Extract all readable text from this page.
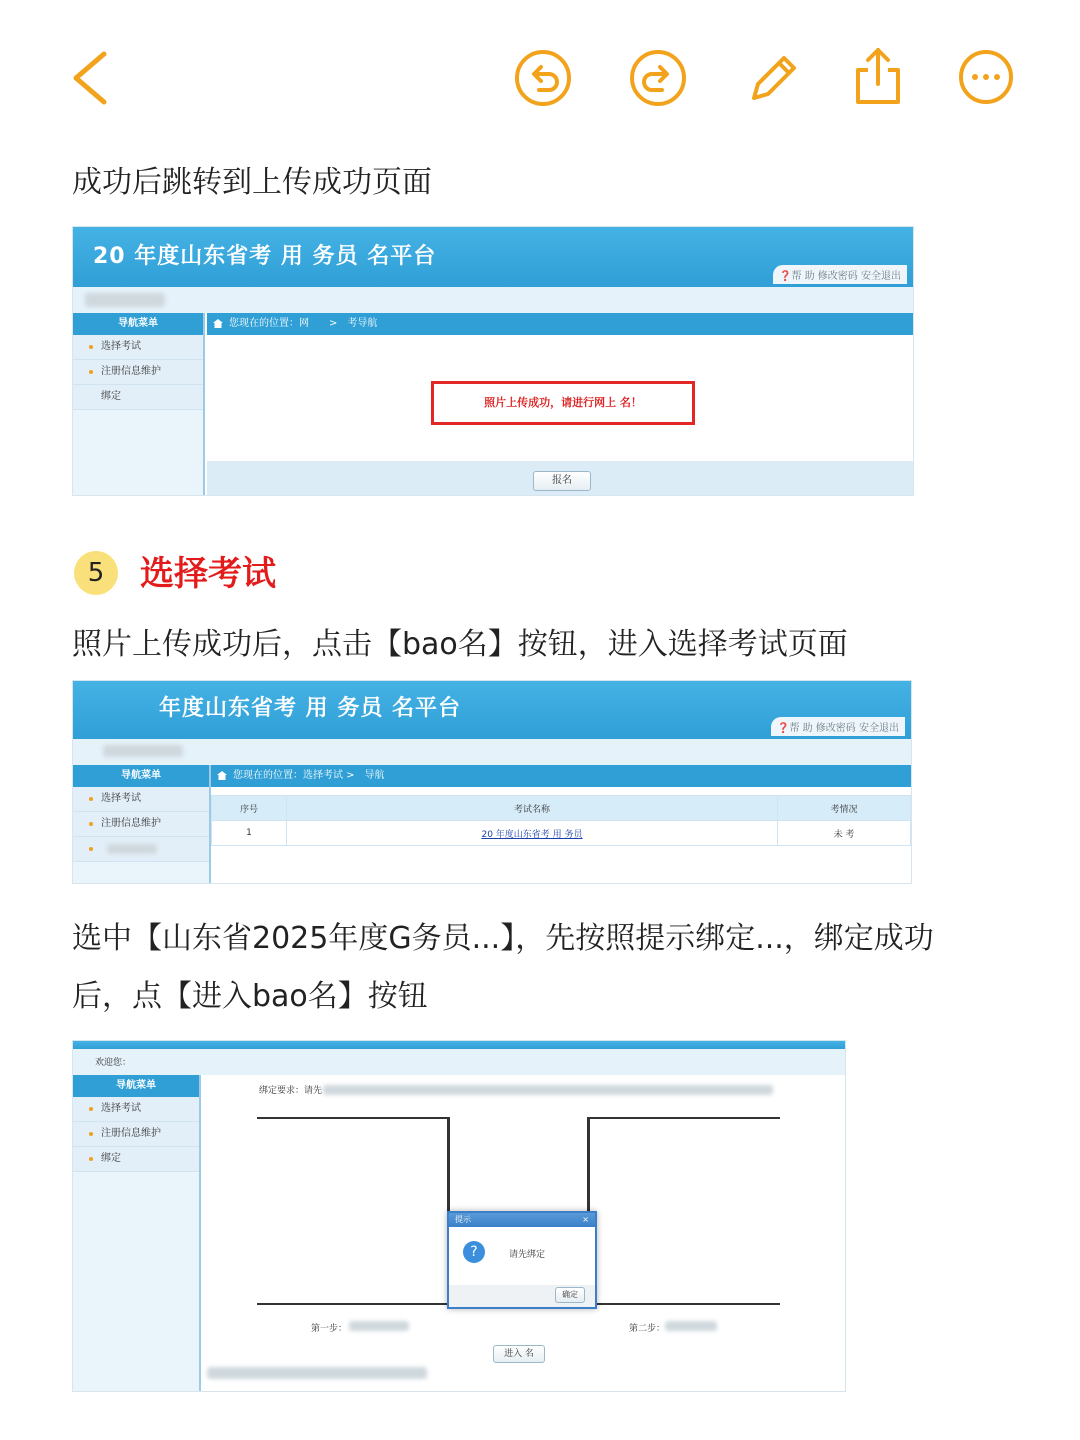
成功后跳转到上传成功页面
20 年度山东省考 用 务员 名平台
❓帮 助 修改密码 安全退出
导航菜单
选择考试
注册信息维护
绑定
您现在的位置：网　　>　考导航
照片上传成功，请进行网上 名！
报名
5	选择考试
照片上传成功后，点击【bao名】按钮，进入选择考试页面
年度山东省考 用 务员 名平台
❓帮 助 修改密码 安全退出
导航菜单
选择考试
注册信息维护
您现在的位置：选择考试 >　导航
序号	考试名称	考情况
1	20 年度山东省考 用 务员	未 考
选中【山东省2025年度G务员...】，先按照提示绑定...，绑定成功
后，点【进入bao名】按钮
欢迎您：
导航菜单
选择考试
注册信息维护
绑定
绑定要求：请先
提示	×
?	请先绑定
确定
第一步：	第二步：
进入 名
